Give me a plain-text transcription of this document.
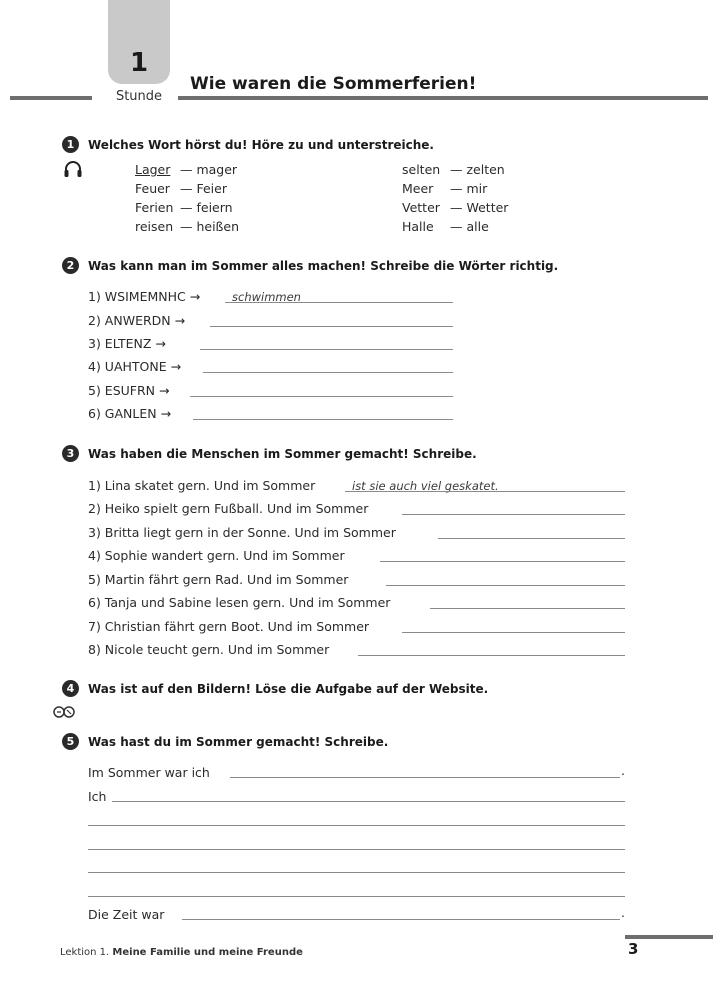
1
Stunde
Wie waren die Sommerferien!
1	Welches Wort hörst du! Höre zu und unterstreiche.
Lager — mager
Feuer — Feier
Ferien — feiern
reisen — heißen
selten — zelten
Meer — mir
Vetter — Wetter
Halle — alle
2	Was kann man im Sommer alles machen! Schreibe die Wörter richtig.
1) WSIMEMNHC →	schwimmen
2) ANWERDN →
3) ELTENZ →
4) UAHTONE →
5) ESUFRN →
6) GANLEN →
3	Was haben die Menschen im Sommer gemacht! Schreibe.
1) Lina skatet gern. Und im Sommer	ist sie auch viel geskatet.
2) Heiko spielt gern Fußball. Und im Sommer
3) Britta liegt gern in der Sonne. Und im Sommer
4) Sophie wandert gern. Und im Sommer
5) Martin fährt gern Rad. Und im Sommer
6) Tanja und Sabine lesen gern. Und im Sommer
7) Christian fährt gern Boot. Und im Sommer
8) Nicole teucht gern. Und im Sommer
4	Was ist auf den Bildern! Löse die Aufgabe auf der Website.
5	Was hast du im Sommer gemacht! Schreibe.
Im Sommer war ich	.
Ich
Die Zeit war	.
Lektion 1. Meine Familie und meine Freunde	3
